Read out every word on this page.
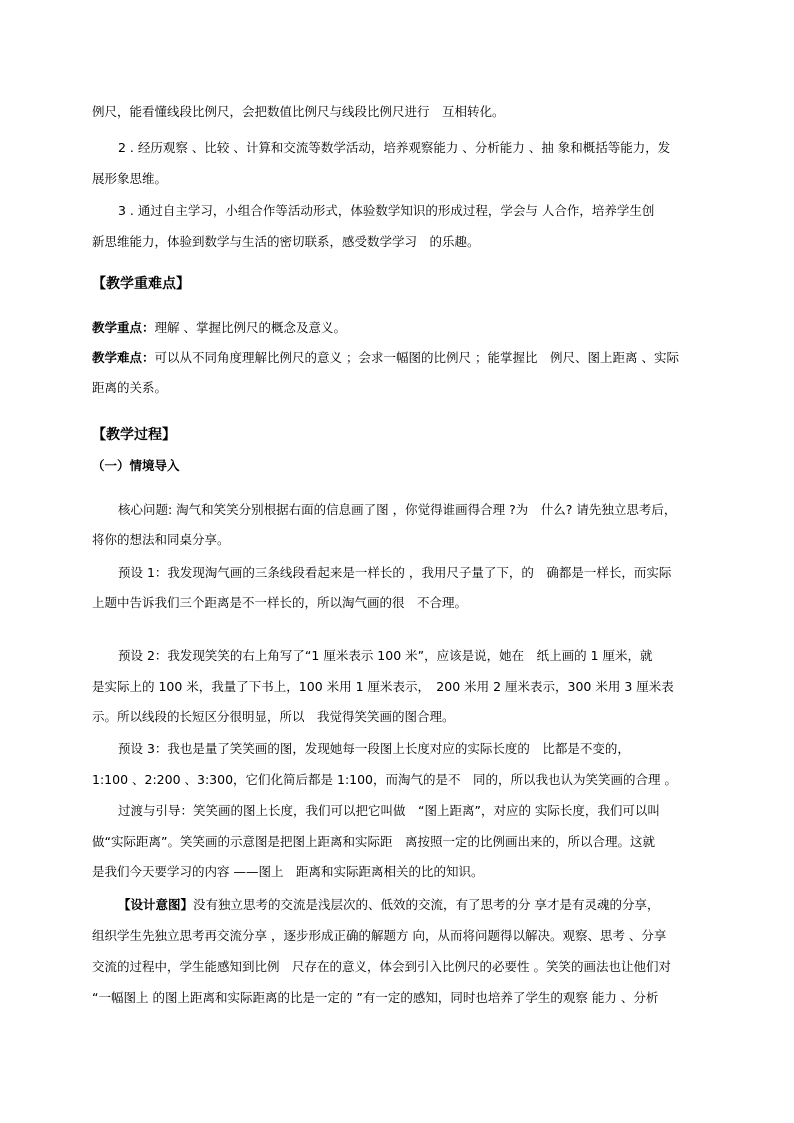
例尺，能看懂线段比例尺，会把数值比例尺与线段比例尺进行　互相转化。
2 . 经历观察 、比较 、计算和交流等数学活动，培养观察能力 、分析能力 、抽 象和概括等能力，发
展形象思维。
3 . 通过自主学习，小组合作等活动形式，体验数学知识的形成过程，学会与 人合作，培养学生创
新思维能力，体验到数学与生活的密切联系，感受数学学习　的乐趣。
【教学重难点】
教学重点：理解 、掌握比例尺的概念及意义。
教学难点：可以从不同角度理解比例尺的意义 ；会求一幅图的比例尺 ；能掌握比　例尺、图上距离 、实际
距离的关系。
【教学过程】
（一）情境导入
核心问题: 淘气和笑笑分别根据右面的信息画了图 ，你觉得谁画得合理 ?为　什么? 请先独立思考后，
将你的想法和同桌分享。
预设 1：我发现淘气画的三条线段看起来是一样长的 ，我用尺子量了下，的　确都是一样长，而实际
上题中告诉我们三个距离是不一样长的，所以淘气画的很　不合理。
预设 2：我发现笑笑的右上角写了“1 厘米表示 100 米”，应该是说，她在　纸上画的 1 厘米，就
是实际上的 100 米，我量了下书上，100 米用 1 厘米表示，　200 米用 2 厘米表示，300 米用 3 厘米表
示。所以线段的长短区分很明显，所以　我觉得笑笑画的图合理。
预设 3：我也是量了笑笑画的图，发现她每一段图上长度对应的实际长度的　比都是不变的，
1:100 、2:200 、3:300，它们化简后都是 1:100，而淘气的是不　同的，所以我也认为笑笑画的合理 。
过渡与引导：笑笑画的图上长度，我们可以把它叫做　“图上距离”，对应的 实际长度，我们可以叫
做“实际距离”。笑笑画的示意图是把图上距离和实际距　离按照一定的比例画出来的，所以合理。这就
是我们今天要学习的内容 ——图上　距离和实际距离相关的比的知识。
【设计意图】没有独立思考的交流是浅层次的、低效的交流，有了思考的分 享才是有灵魂的分享，
组织学生先独立思考再交流分享 ，逐步形成正确的解题方 向，从而将问题得以解决。观察、思考 、分享
交流的过程中，学生能感知到比例　尺存在的意义，体会到引入比例尺的必要性 。笑笑的画法也让他们对
“一幅图上 的图上距离和实际距离的比是一定的 ”有一定的感知，同时也培养了学生的观察 能力 、分析
